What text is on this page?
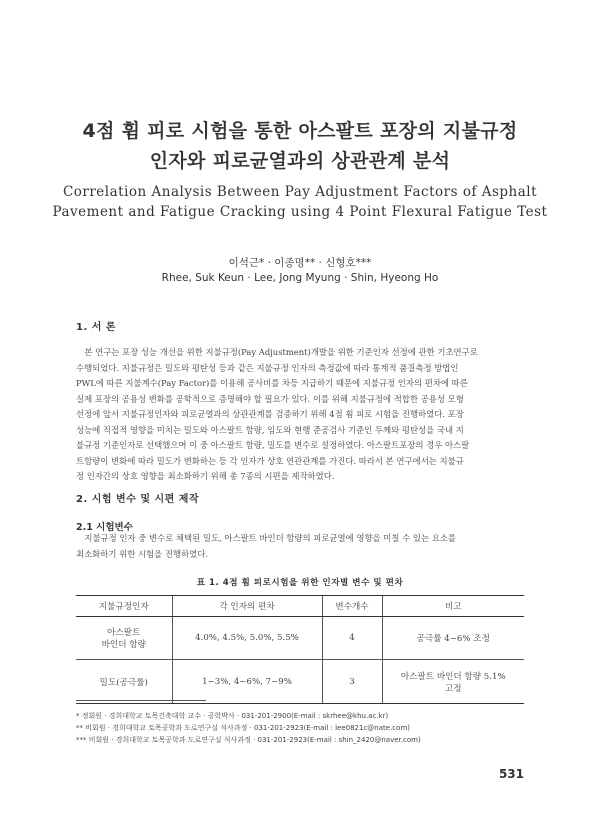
4점 휨 피로 시험을 통한 아스팔트 포장의 지불규정
인자와 피로균열과의 상관관계 분석
Correlation Analysis Between Pay Adjustment Factors of Asphalt
Pavement and Fatigue Cracking using 4 Point Flexural Fatigue Test
이석근* · 이종명** · 신형호***
Rhee, Suk Keun · Lee, Jong Myung · Shin, Hyeong Ho
1. 서 론
　본 연구는 포장 성능 개선을 위한 지불규정(Pay Adjustment)개발을 위한 기준인자 선정에 관한 기초연구로
수행되었다. 지불규정은 밀도와 평탄성 등과 같은 지불규정 인자의 측정값에 따라 통계적 품질측정 방법인
PWL에 따른 지불계수(Pay Factor)를 이용해 공사비를 차등 지급하기 때문에 지불규정 인자의 편차에 따른
실제 포장의 공용성 변화를 공학적으로 증명해야 할 필요가 있다. 이를 위해 지불규정에 적합한 공용성 모형
선정에 앞서 지불규정인자와 피로균열과의 상관관계를 검증하기 위해 4점 휨 피로 시험을 진행하였다. 포장
성능에 직접적 영향을 미치는 밀도와 아스팔트 함량, 임도와 현행 준공검사 기준인 두께와 평탄성을 국내 지
불규정 기준인자로 선택했으며 이 중 아스팔트 함량, 밀도를 변수로 설정하였다. 아스팔트포장의 경우 아스팔
트함량이 변화에 따라 밀도가 변화하는 등 각 인자가 상호 연관관계를 가진다. 따라서 본 연구에서는 지불규
정 인자간의 상호 영향을 최소화하기 위해 총 7종의 시편을 제작하였다.
2. 시험 변수 및 시편 제작
2.1 시험변수
　지불규정 인자 중 변수로 채택된 밀도, 아스팔트 바인더 함량의 피로균열에 영향을 미칠 수 있는 요소를
최소화하기 위한 시험을 진행하였다.
표 1. 4점 휨 피로시험을 위한 인자별 변수 및 편차
지불규정인자	각 인자의 편차	변수개수	비고

아스팔트
바인더 함량	4.0%, 4.5%, 5.0%, 5.5%	4	공극률 4~6% 조정

밀도(공극률)	1~3%, 4~6%, 7~9%	3	아스팔트 바인더 함량 5.1%
고정
* 정회원 · 경희대학교 토목건축대학 교수 · 공학박사 · 031-201-2900(E-mail : skrhee@khu.ac.kr)
** 비회원 · 경희대학교 토목공학과 도로연구실 석사과정 · 031-201-2923(E-mail : lee0821c@nate.com)
*** 비회원 · 경희대학교 토목공학과 도로연구실 석사과정 · 031-201-2923(E-mail : shin_2420@naver.com)
531
